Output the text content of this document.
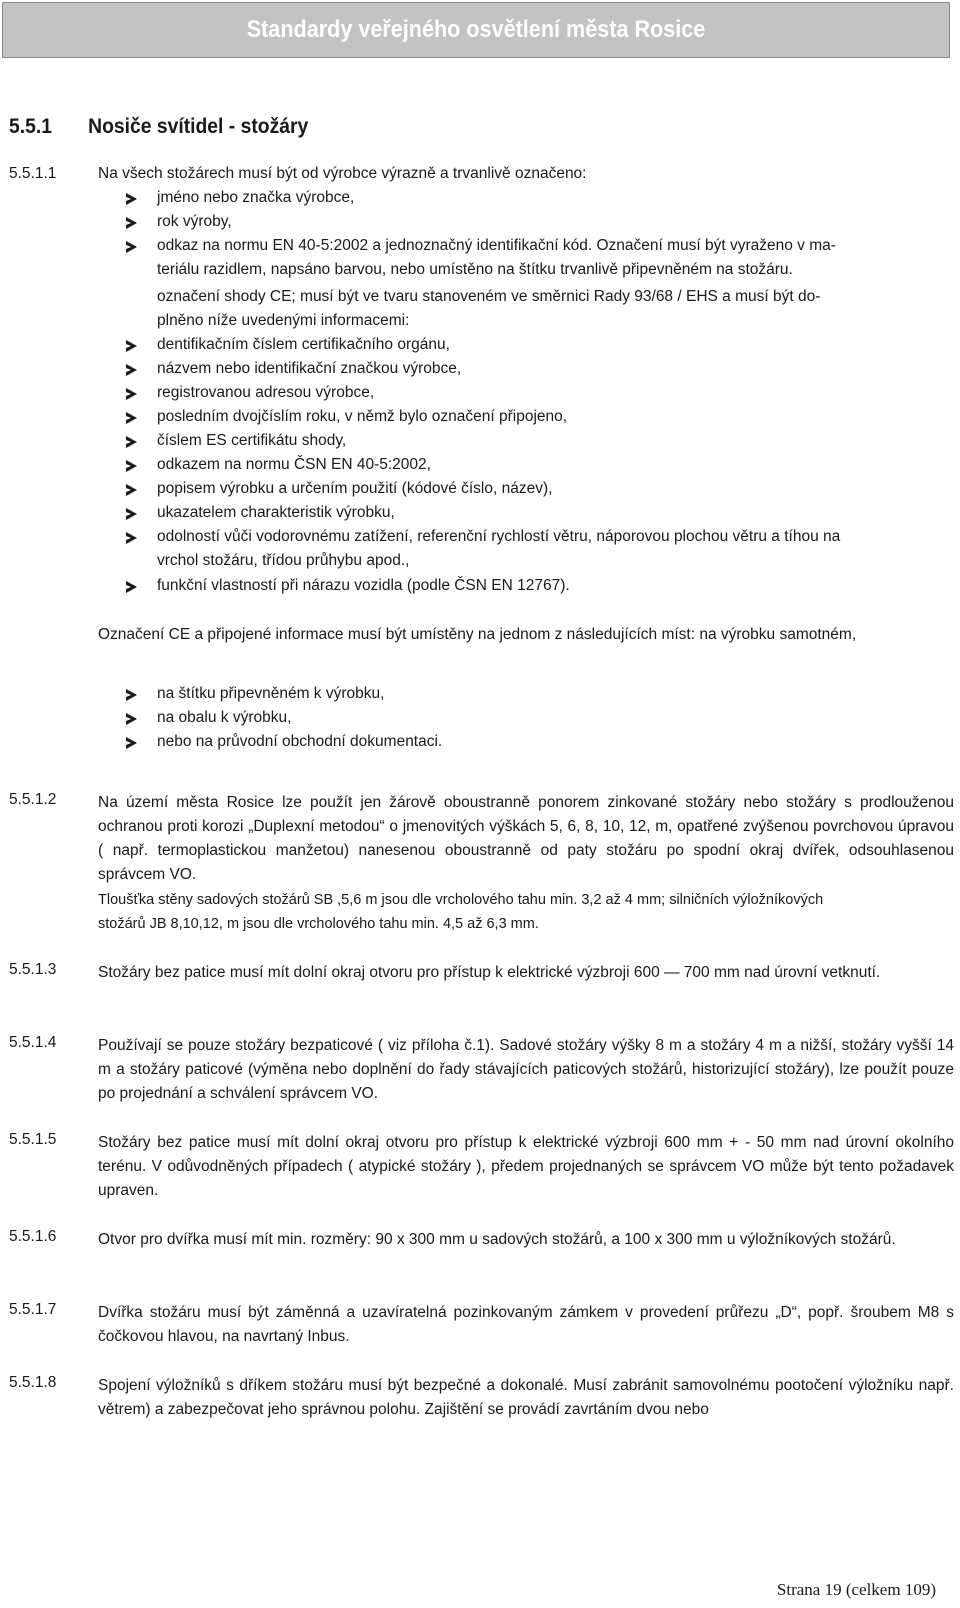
Standardy veřejného osvětlení města Rosice
5.5.1 Nosiče svítidel - stožáry
5.5.1.1	Na všech stožárech musí být od výrobce výrazně a trvanlivě označeno:
jméno nebo značka výrobce,
rok výroby,
odkaz na normu EN 40-5:2002 a jednoznačný identifikační kód. Označení musí být vyraženo v ma-
teriálu razidlem, napsáno barvou, nebo umístěno na štítku trvanlivě připevněném na stožáru.
označení shody CE; musí být ve tvaru stanoveném ve směrnici Rady 93/68 / EHS a musí být do-
plněno níže uvedenými informacemi:
dentifikačním číslem certifikačního orgánu,
názvem nebo identifikační značkou výrobce,
registrovanou adresou výrobce,
posledním dvojčíslím roku, v němž bylo označení připojeno,
číslem ES certifikátu shody,
odkazem na normu ČSN EN 40-5:2002,
popisem výrobku a určením použití (kódové číslo, název),
ukazatelem charakteristik výrobku,
odolností vůči vodorovnému zatížení, referenční rychlostí větru, náporovou plochou větru a tíhou na
vrchol stožáru, třídou průhybu apod.,
funkční vlastností při nárazu vozidla (podle ČSN EN 12767).
Označení CE a připojené informace musí být umístěny na jednom z následujících míst: na výrobku samotném,
na štítku připevněném k výrobku,
na obalu k výrobku,
nebo na průvodní obchodní dokumentaci.
5.5.1.2	Na území města Rosice lze použít jen žárově oboustranně ponorem zinkované stožáry nebo stožáry s prodlouženou ochranou proti korozi „Duplexní metodou“ o jmenovitých výškách 5, 6, 8, 10, 12, m, opatřené zvýšenou povrchovou úpravou ( např. termoplastickou manžetou) nanesenou oboustranně od paty stožáru po spodní okraj dvířek, odsouhlasenou správcem VO.
Tloušťka stěny sadových stožárů SB ,5,6 m jsou dle vrcholového tahu min. 3,2 až 4 mm; silničních výložníkových
stožárů JB 8,10,12, m jsou dle vrcholového tahu min. 4,5 až 6,3 mm.
5.5.1.3	Stožáry bez patice musí mít dolní okraj otvoru pro přístup k elektrické výzbroji 600 — 700 mm nad úrovní vetknutí.
5.5.1.4	Používají se pouze stožáry bezpaticové ( viz příloha č.1). Sadové stožáry výšky 8 m a stožáry 4 m a nižší, stožáry vyšší 14 m a stožáry paticové (výměna nebo doplnění do řady stávajících paticových stožárů, historizující stožáry), lze použít pouze po projednání a schválení správcem VO.
5.5.1.5	Stožáry bez patice musí mít dolní okraj otvoru pro přístup k elektrické výzbroji 600 mm + - 50 mm nad úrovní okolního terénu. V odůvodněných případech ( atypické stožáry ), předem projednaných se správcem VO může být tento požadavek upraven.
5.5.1.6	Otvor pro dvířka musí mít min. rozměry: 90 x 300 mm u sadových stožárů, a 100 x 300 mm u výložníkových stožárů.
5.5.1.7	Dvířka stožáru musí být záměnná a uzavíratelná pozinkovaným zámkem v provedení průřezu „D“, popř. šroubem M8 s čočkovou hlavou, na navrtaný Inbus.
5.5.1.8	Spojení výložníků s dříkem stožáru musí být bezpečné a dokonalé. Musí zabránit samovolnému pootočení výložníku např. větrem) a zabezpečovat jeho správnou polohu. Zajištění se provádí zavrtáním dvou nebo
Strana 19 (celkem 109)
